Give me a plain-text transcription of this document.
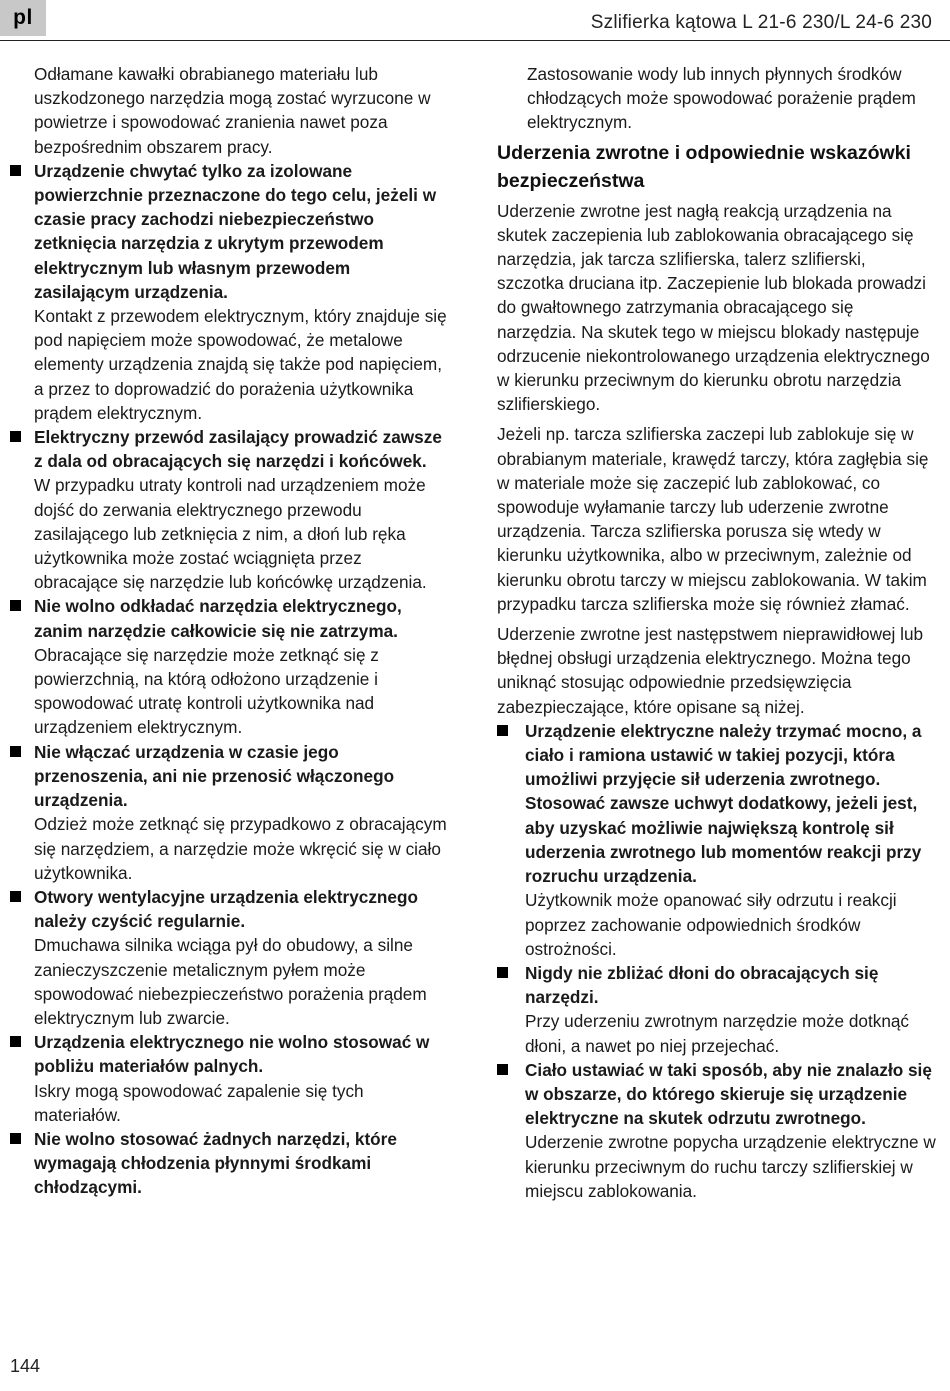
pl	Szlifierka kątowa L 21-6 230/L 24-6 230

Odłamane kawałki obrabianego materiału lub uszkodzonego narzędzia mogą zostać wyrzucone w powietrze i spowodować zranienia nawet poza bezpośrednim obszarem pracy.

Urządzenie chwytać tylko za izolowane powierzchnie przeznaczone do tego celu, jeżeli w czasie pracy zachodzi niebezpieczeństwo zetknięcia narzędzia z ukrytym przewodem elektrycznym lub własnym przewodem zasilającym urządzenia.

Kontakt z przewodem elektrycznym, który znajduje się pod napięciem może spowodować, że metalowe elementy urządzenia znajdą się także pod napięciem, a przez to doprowadzić do porażenia użytkownika prądem elektrycznym.

Elektryczny przewód zasilający prowadzić zawsze z dala od obracających się narzędzi i końcówek.

W przypadku utraty kontroli nad urządzeniem może dojść do zerwania elektrycznego przewodu zasilającego lub zetknięcia z nim, a dłoń lub ręka użytkownika może zostać wciągnięta przez obracające się narzędzie lub końcówkę urządzenia.

Nie wolno odkładać narzędzia elektrycznego, zanim narzędzie całkowicie się nie zatrzyma.

Obracające się narzędzie może zetknąć się z powierzchnią, na którą odłożono urządzenie i spowodować utratę kontroli użytkownika nad urządzeniem elektrycznym.

Nie włączać urządzenia w czasie jego przenoszenia, ani nie przenosić włączonego urządzenia.

Odzież może zetknąć się przypadkowo z obracającym się narzędziem, a narzędzie może wkręcić się w ciało użytkownika.

Otwory wentylacyjne urządzenia elektrycznego należy czyścić regularnie.

Dmuchawa silnika wciąga pył do obudowy, a silne zanieczyszczenie metalicznym pyłem może spowodować niebezpieczeństwo porażenia prądem elektrycznym lub zwarcie.

Urządzenia elektrycznego nie wolno stosować w pobliżu materiałów palnych.

Iskry mogą spowodować zapalenie się tych materiałów.

Nie wolno stosować żadnych narzędzi, które wymagają chłodzenia płynnymi środkami chłodzącymi.

Zastosowanie wody lub innych płynnych środków chłodzących może spowodować porażenie prądem elektrycznym.

Uderzenia zwrotne i odpowiednie wskazówki bezpieczeństwa

Uderzenie zwrotne jest nagłą reakcją urządzenia na skutek zaczepienia lub zablokowania obracającego się narzędzia, jak tarcza szlifierska, talerz szlifierski, szczotka druciana itp. Zaczepienie lub blokada prowadzi do gwałtownego zatrzymania obracającego się narzędzia. Na skutek tego w miejscu blokady następuje odrzucenie niekontrolowanego urządzenia elektrycznego w kierunku przeciwnym do kierunku obrotu narzędzia szlifierskiego.

Jeżeli np. tarcza szlifierska zaczepi lub zablokuje się w obrabianym materiale, krawędź tarczy, która zagłębia się w materiale może się zaczepić lub zablokować, co spowoduje wyłamanie tarczy lub uderzenie zwrotne urządzenia. Tarcza szlifierska porusza się wtedy w kierunku użytkownika, albo w przeciwnym, zależnie od kierunku obrotu tarczy w miejscu zablokowania. W takim przypadku tarcza szlifierska może się również złamać.

Uderzenie zwrotne jest następstwem nieprawidłowej lub błędnej obsługi urządzenia elektrycznego. Można tego uniknąć stosując odpowiednie przedsięwzięcia zabezpieczające, które opisane są niżej.

Urządzenie elektryczne należy trzymać mocno, a ciało i ramiona ustawić w takiej pozycji, która umożliwi przyjęcie sił uderzenia zwrotnego. Stosować zawsze uchwyt dodatkowy, jeżeli jest, aby uzyskać możliwie największą kontrolę sił uderzenia zwrotnego lub momentów reakcji przy rozruchu urządzenia.

Użytkownik może opanować siły odrzutu i reakcji poprzez zachowanie odpowiednich środków ostrożności.

Nigdy nie zbliżać dłoni do obracających się narzędzi.

Przy uderzeniu zwrotnym narzędzie może dotknąć dłoni, a nawet po niej przejechać.

Ciało ustawiać w taki sposób, aby nie znalazło się w obszarze, do którego skieruje się urządzenie elektryczne na skutek odrzutu zwrotnego.

Uderzenie zwrotne popycha urządzenie elektryczne w kierunku przeciwnym do ruchu tarczy szlifierskiej w miejscu zablokowania.

144
